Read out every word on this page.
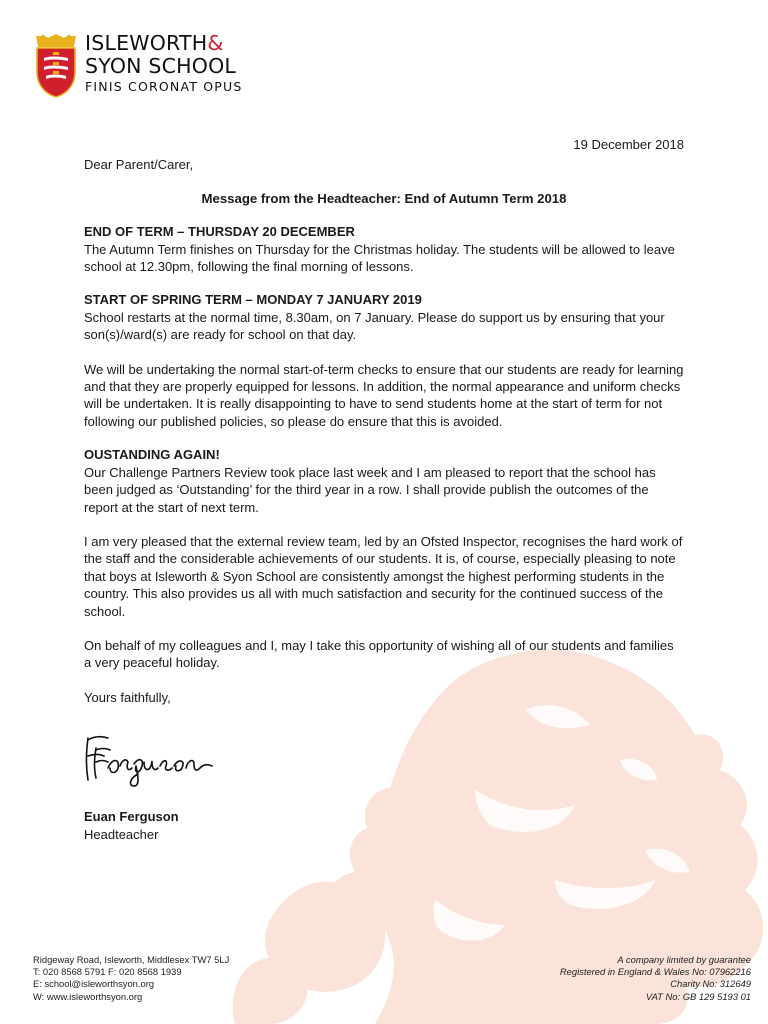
ISLEWORTH&
SYON SCHOOL
FINIS CORONAT OPUS

19 December 2018

Dear Parent/Carer,

Message from the Headteacher: End of Autumn Term 2018

END OF TERM – THURSDAY 20 DECEMBER

The Autumn Term finishes on Thursday for the Christmas holiday. The students will be allowed to leave school at 12.30pm, following the final morning of lessons.

START OF SPRING TERM – MONDAY 7 JANUARY 2019

School restarts at the normal time, 8.30am, on 7 January. Please do support us by ensuring that your son(s)/ward(s) are ready for school on that day.

We will be undertaking the normal start-of-term checks to ensure that our students are ready for learning and that they are properly equipped for lessons. In addition, the normal appearance and uniform checks will be undertaken. It is really disappointing to have to send students home at the start of term for not following our published policies, so please do ensure that this is avoided.

OUSTANDING AGAIN!

Our Challenge Partners Review took place last week and I am pleased to report that the school has been judged as ‘Outstanding’ for the third year in a row. I shall provide publish the outcomes of the report at the start of next term.

I am very pleased that the external review team, led by an Ofsted Inspector, recognises the hard work of the staff and the considerable achievements of our students. It is, of course, especially pleasing to note that boys at Isleworth & Syon School are consistently amongst the highest performing students in the country. This also provides us all with much satisfaction and security for the continued success of the school.

On behalf of my colleagues and I, may I take this opportunity of wishing all of our students and families a very peaceful holiday.

Yours faithfully,
Euan Ferguson
Headteacher
Ridgeway Road, Isleworth, Middlesex TW7 5LJ
T: 020 8568 5791 F: 020 8568 1939
E: school@isleworthsyon.org
W: www.isleworthsyon.org
A company limited by guarantee
Registered in England & Wales No: 07962216
Charity No: 312649
VAT No: GB 129 5193 01
